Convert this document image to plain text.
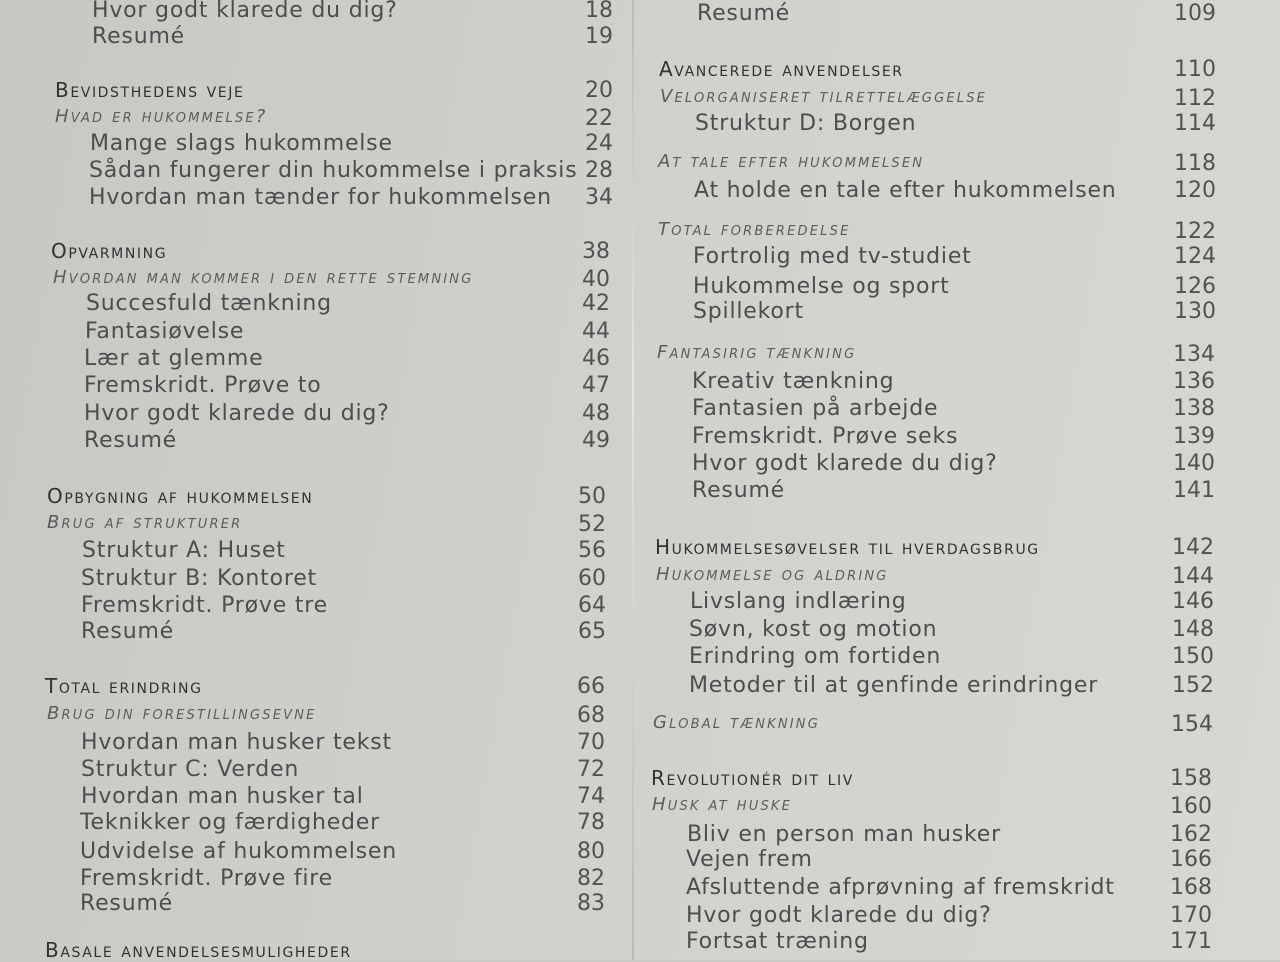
Hvor godt klarede du dig?	18
Resumé	19
Bevidsthedens veje	20
Hvad er hukommelse?	22
Mange slags hukommelse	24
Sådan fungerer din hukommelse i praksis 28
Hvordan man tænder for hukommelsen 34
Opvarmning	38
Hvordan man kommer i den rette stemning	40
Succesfuld tænkning	42
Fantasiøvelse	44
Lær at glemme	46
Fremskridt. Prøve to	47
Hvor godt klarede du dig?	48
Resumé	49
Opbygning af hukommelsen	50
Brug af strukturer	52
Struktur A: Huset	56
Struktur B: Kontoret	60
Fremskridt. Prøve tre	64
Resumé	65
Total erindring	66
Brug din forestillingsevne	68
Hvordan man husker tekst	70
Struktur C: Verden	72
Hvordan man husker tal	74
Teknikker og færdigheder	78
Udvidelse af hukommelsen	80
Fremskridt. Prøve fire	82
Resumé	83
Basale anvendelsesmuligheder
Resumé	109
Avancerede anvendelser	110
Velorganiseret tilrettelæggelse	112
Struktur D: Borgen	114
At tale efter hukommelsen	118
At holde en tale efter hukommelsen	120
Total forberedelse	122
Fortrolig med tv-studiet	124
Hukommelse og sport	126
Spillekort	130
Fantasirig tænkning	134
Kreativ tænkning	136
Fantasien på arbejde	138
Fremskridt. Prøve seks	139
Hvor godt klarede du dig?	140
Resumé	141
Hukommelsesøvelser til hverdagsbrug	142
Hukommelse og aldring	144
Livslang indlæring	146
Søvn, kost og motion	148
Erindring om fortiden	150
Metoder til at genfinde erindringer	152
Global tænkning	154
Revolutionér dit liv	158
Husk at huske	160
Bliv en person man husker	162
Vejen frem	166
Afsluttende afprøvning af fremskridt	168
Hvor godt klarede du dig?	170
Fortsat træning	171
